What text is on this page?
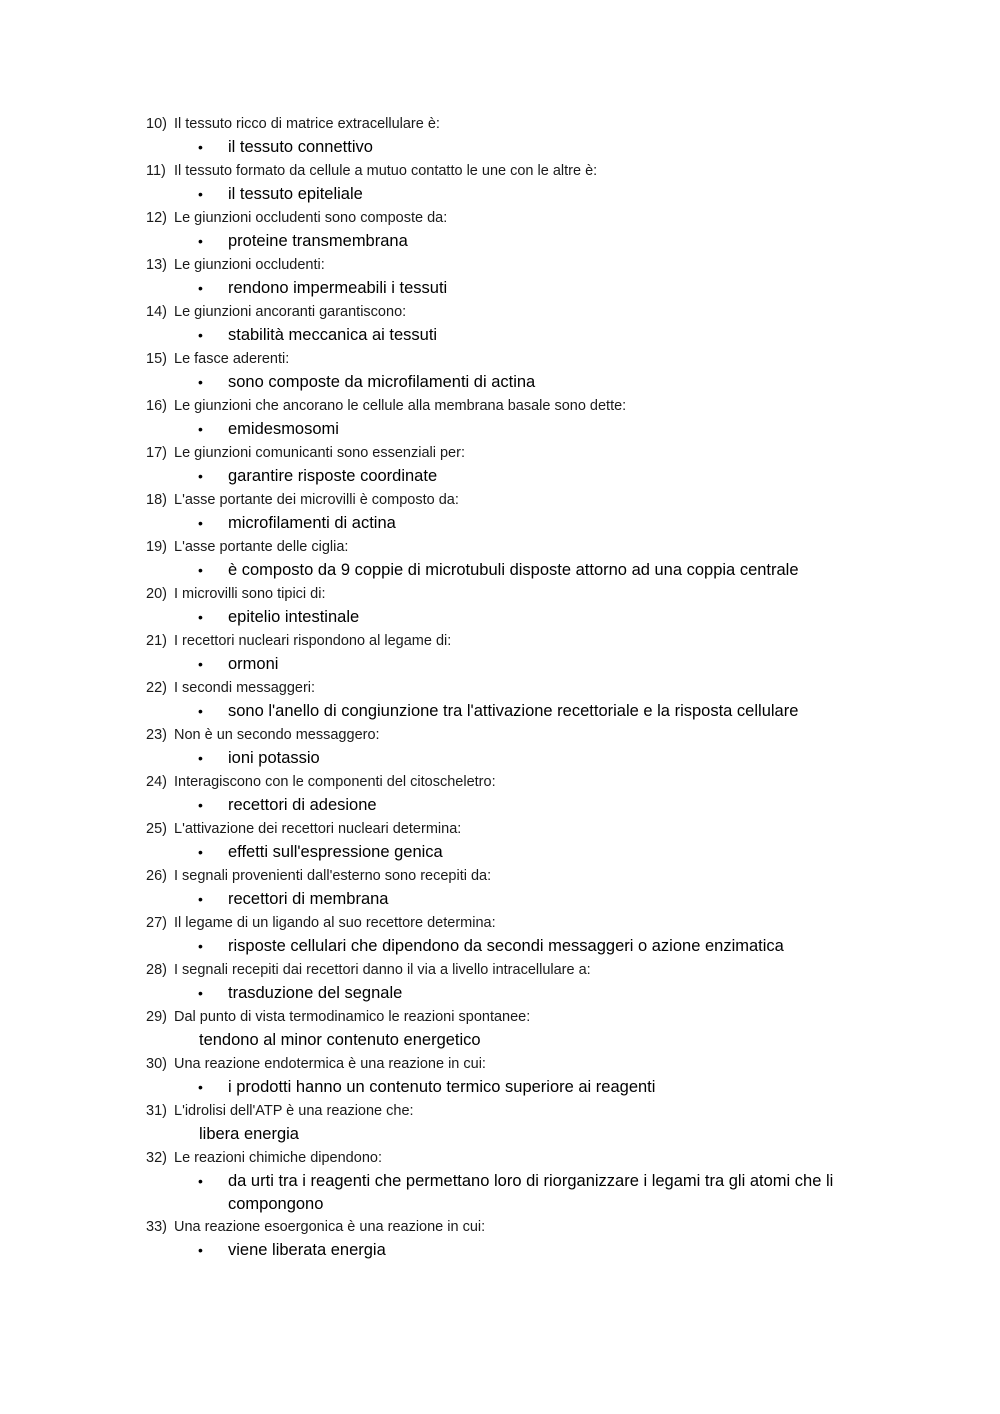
10) Il tessuto ricco di matrice extracellulare è:
• il tessuto connettivo
11) Il tessuto formato da cellule a mutuo contatto le une con le altre è:
• il tessuto epiteliale
12) Le giunzioni occludenti sono composte da:
• proteine transmembrana
13) Le giunzioni occludenti:
• rendono impermeabili i tessuti
14) Le giunzioni ancoranti garantiscono:
• stabilità meccanica ai tessuti
15) Le fasce aderenti:
• sono composte da microfilamenti di actina
16) Le giunzioni che ancorano le cellule alla membrana basale sono dette:
• emidesmosomi
17) Le giunzioni comunicanti sono essenziali per:
• garantire risposte coordinate
18) L'asse portante dei microvilli è composto da:
• microfilamenti di actina
19) L'asse portante delle ciglia:
• è composto da 9 coppie di microtubuli disposte attorno ad una coppia centrale
20) I microvilli sono tipici di:
• epitelio intestinale
21) I recettori nucleari rispondono al legame di:
• ormoni
22) I secondi messaggeri:
• sono l'anello di congiunzione tra l'attivazione recettoriale e la risposta cellulare
23) Non è un secondo messaggero:
• ioni potassio
24) Interagiscono con le componenti del citoscheletro:
• recettori di adesione
25) L'attivazione dei recettori nucleari determina:
• effetti sull'espressione genica
26) I segnali provenienti dall'esterno sono recepiti da:
• recettori di membrana
27) Il legame di un ligando al suo recettore determina:
• risposte cellulari che dipendono da secondi messaggeri o azione enzimatica
28) I segnali recepiti dai recettori danno il via a livello intracellulare a:
• trasduzione del segnale
29) Dal punto di vista termodinamico le reazioni spontanee:
tendono al minor contenuto energetico
30) Una reazione endotermica è una reazione in cui:
• i prodotti hanno un contenuto termico superiore ai reagenti
31) L'idrolisi dell'ATP è una reazione che:
libera energia
32) Le reazioni chimiche dipendono:
• da urti tra i reagenti che permettano loro di riorganizzare i legami tra gli atomi che li compongono
33) Una reazione esoergonica è una reazione in cui:
• viene liberata energia
